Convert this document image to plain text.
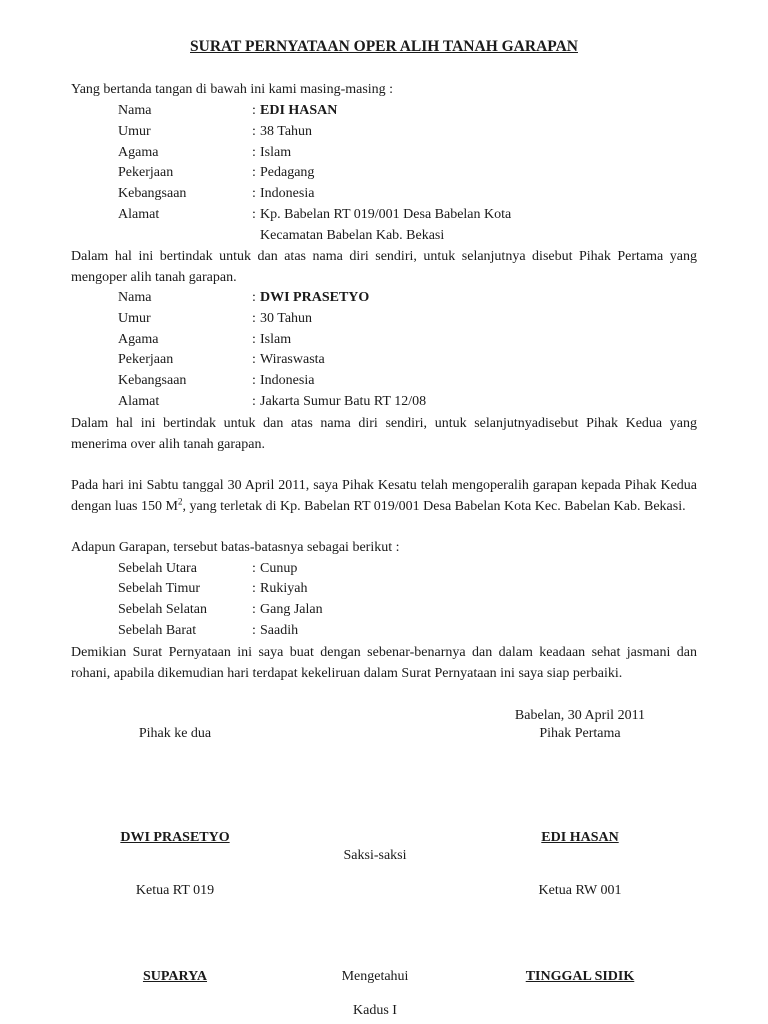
SURAT PERNYATAAN OPER ALIH TANAH GARAPAN
Yang bertanda tangan di bawah ini kami masing-masing :
Nama	: EDI HASAN
Umur	: 38 Tahun
Agama	: Islam
Pekerjaan	: Pedagang
Kebangsaan	: Indonesia
Alamat	: Kp. Babelan RT 019/001 Desa Babelan Kota
Kecamatan Babelan Kab. Bekasi
Dalam hal ini bertindak untuk dan atas nama diri sendiri, untuk selanjutnya disebut Pihak Pertama yang mengoper alih tanah garapan.
Nama	: DWI PRASETYO
Umur	: 30 Tahun
Agama	: Islam
Pekerjaan	: Wiraswasta
Kebangsaan	: Indonesia
Alamat	: Jakarta Sumur Batu RT 12/08
Dalam hal ini bertindak untuk dan atas nama diri sendiri, untuk selanjutnyadisebut Pihak Kedua yang menerima over alih tanah garapan.
Pada hari ini Sabtu tanggal 30 April 2011, saya Pihak Kesatu telah mengoperalih garapan kepada Pihak Kedua dengan luas 150 $M^2$, yang terletak di Kp. Babelan RT 019/001 Desa Babelan Kota Kec. Babelan Kab. Bekasi.
Adapun Garapan, tersebut batas-batasnya sebagai berikut :
Sebelah Utara	: Cunup
Sebelah Timur	: Rukiyah
Sebelah Selatan	: Gang Jalan
Sebelah Barat	: Saadih
Demikian Surat Pernyataan ini saya buat dengan sebenar-benarnya dan dalam keadaan sehat jasmani dan rohani, apabila dikemudian hari terdapat kekeliruan dalam Surat Pernyataan ini saya siap perbaiki.
Babelan, 30 April 2011
Pihak ke dua	Pihak Pertama
DWI PRASETYO	EDI HASAN
Saksi-saksi
Ketua RT 019	Ketua RW 001
SUPARYA	Mengetahui	TINGGAL SIDIK
Kadus I
